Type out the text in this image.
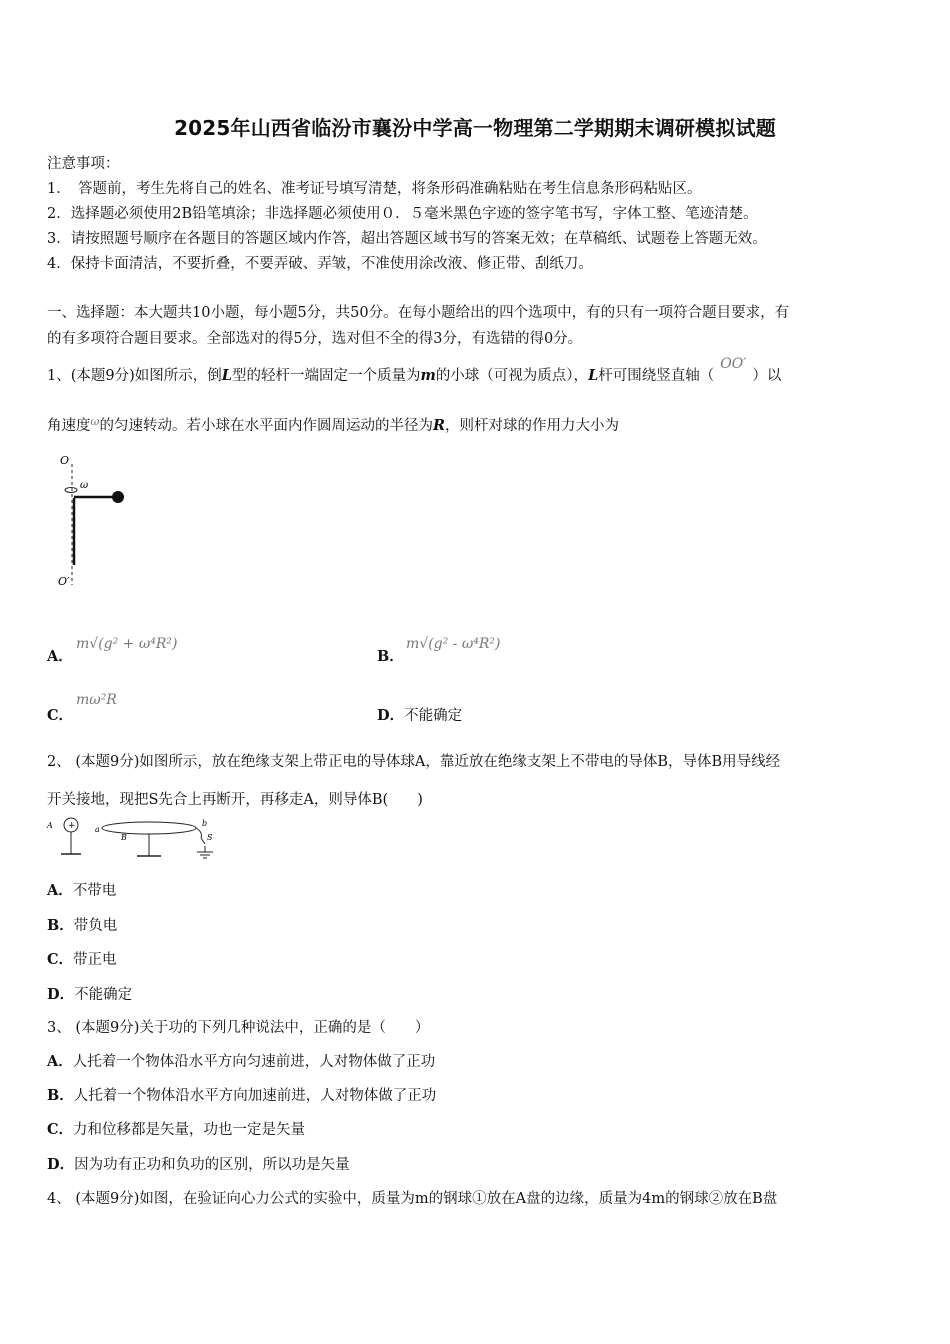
2025年山西省临汾市襄汾中学高一物理第二学期期末调研模拟试题
注意事项：
1．　答题前，考生先将自己的姓名、准考证号填写清楚，将条形码准确粘贴在考生信息条形码粘贴区。
2．选择题必须使用2B铅笔填涂；非选择题必须使用０．５毫米黑色字迹的签字笔书写，字体工整、笔迹清楚。
3．请按照题号顺序在各题目的答题区域内作答，超出答题区域书写的答案无效；在草稿纸、试题卷上答题无效。
4．保持卡面清洁，不要折叠，不要弄破、弄皱，不准使用涂改液、修正带、刮纸刀。
一、选择题：本大题共10小题，每小题5分，共50分。在每小题给出的四个选项中，有的只有一项符合题目要求，有
的有多项符合题目要求。全部选对的得5分，选对但不全的得3分，有选错的得0分。
1、(本题9分)如图所示，倒L型的轻杆一端固定一个质量为m的小球（可视为质点），L杆可围绕竖直轴（OO′）以
角速度$^\omega$的匀速转动。若小球在水平面内作圆周运动的半径为R，则杆对球的作用力大小为
O
ω
O′
A．
m√(g² + ω⁴R²)
B．
m√(g² - ω⁴R²)
C．
mω²R
D．不能确定
2、 (本题9分)如图所示，放在绝缘支架上带正电的导体球A，靠近放在绝缘支架上不带电的导体B，导体B用导线经
开关接地，现把S先合上再断开，再移走A，则导体B(　　)
A + a
B
b
S
A．不带电
B．带负电
C．带正电
D．不能确定
3、 (本题9分)关于功的下列几种说法中，正确的是（　　）
A．人托着一个物体沿水平方向匀速前进，人对物体做了正功
B．人托着一个物体沿水平方向加速前进，人对物体做了正功
C．力和位移都是矢量，功也一定是矢量
D．因为功有正功和负功的区别，所以功是矢量
4、 (本题9分)如图，在验证向心力公式的实验中，质量为m的钢球①放在A盘的边缘，质量为4m的钢球②放在B盘
